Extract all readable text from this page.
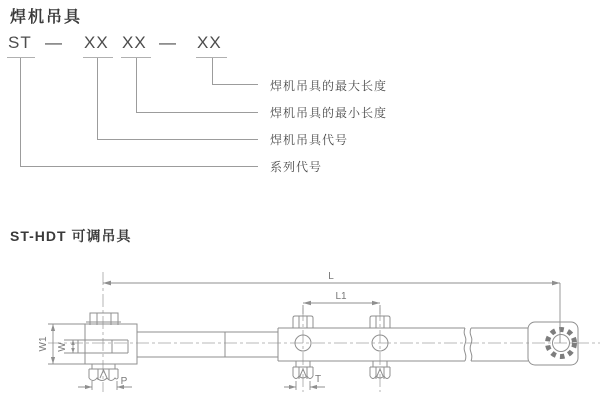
焊机吊具
ST — XX XX — XX
焊机吊具的最大长度
焊机吊具的最小长度
焊机吊具代号
系列代号
ST-HDT 可调吊具
L
L1
W1 W
P	T
